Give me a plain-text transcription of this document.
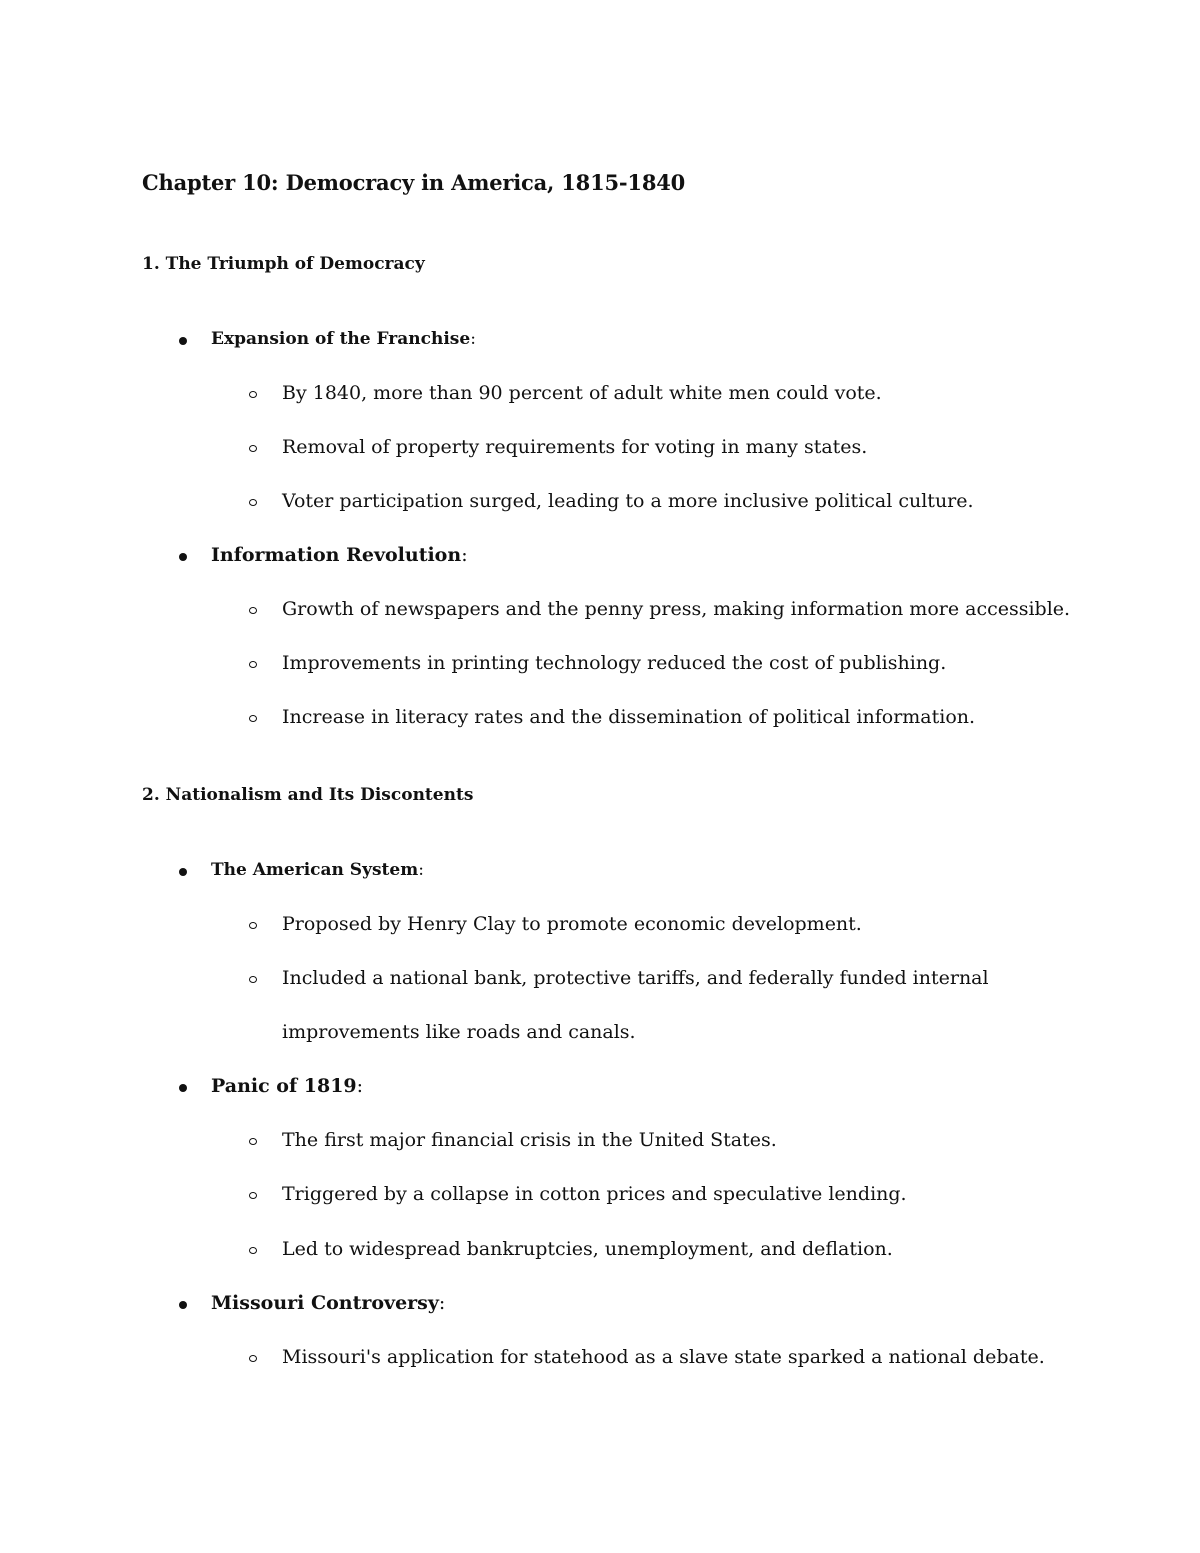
Chapter 10: Democracy in America, 1815-1840
1. The Triumph of Democracy
Expansion of the Franchise:
By 1840, more than 90 percent of adult white men could vote.
Removal of property requirements for voting in many states.
Voter participation surged, leading to a more inclusive political culture.
Information Revolution:
Growth of newspapers and the penny press, making information more accessible.
Improvements in printing technology reduced the cost of publishing.
Increase in literacy rates and the dissemination of political information.
2. Nationalism and Its Discontents
The American System:
Proposed by Henry Clay to promote economic development.
Included a national bank, protective tariffs, and federally funded internal
improvements like roads and canals.
Panic of 1819:
The first major financial crisis in the United States.
Triggered by a collapse in cotton prices and speculative lending.
Led to widespread bankruptcies, unemployment, and deflation.
Missouri Controversy:
Missouri's application for statehood as a slave state sparked a national debate.
